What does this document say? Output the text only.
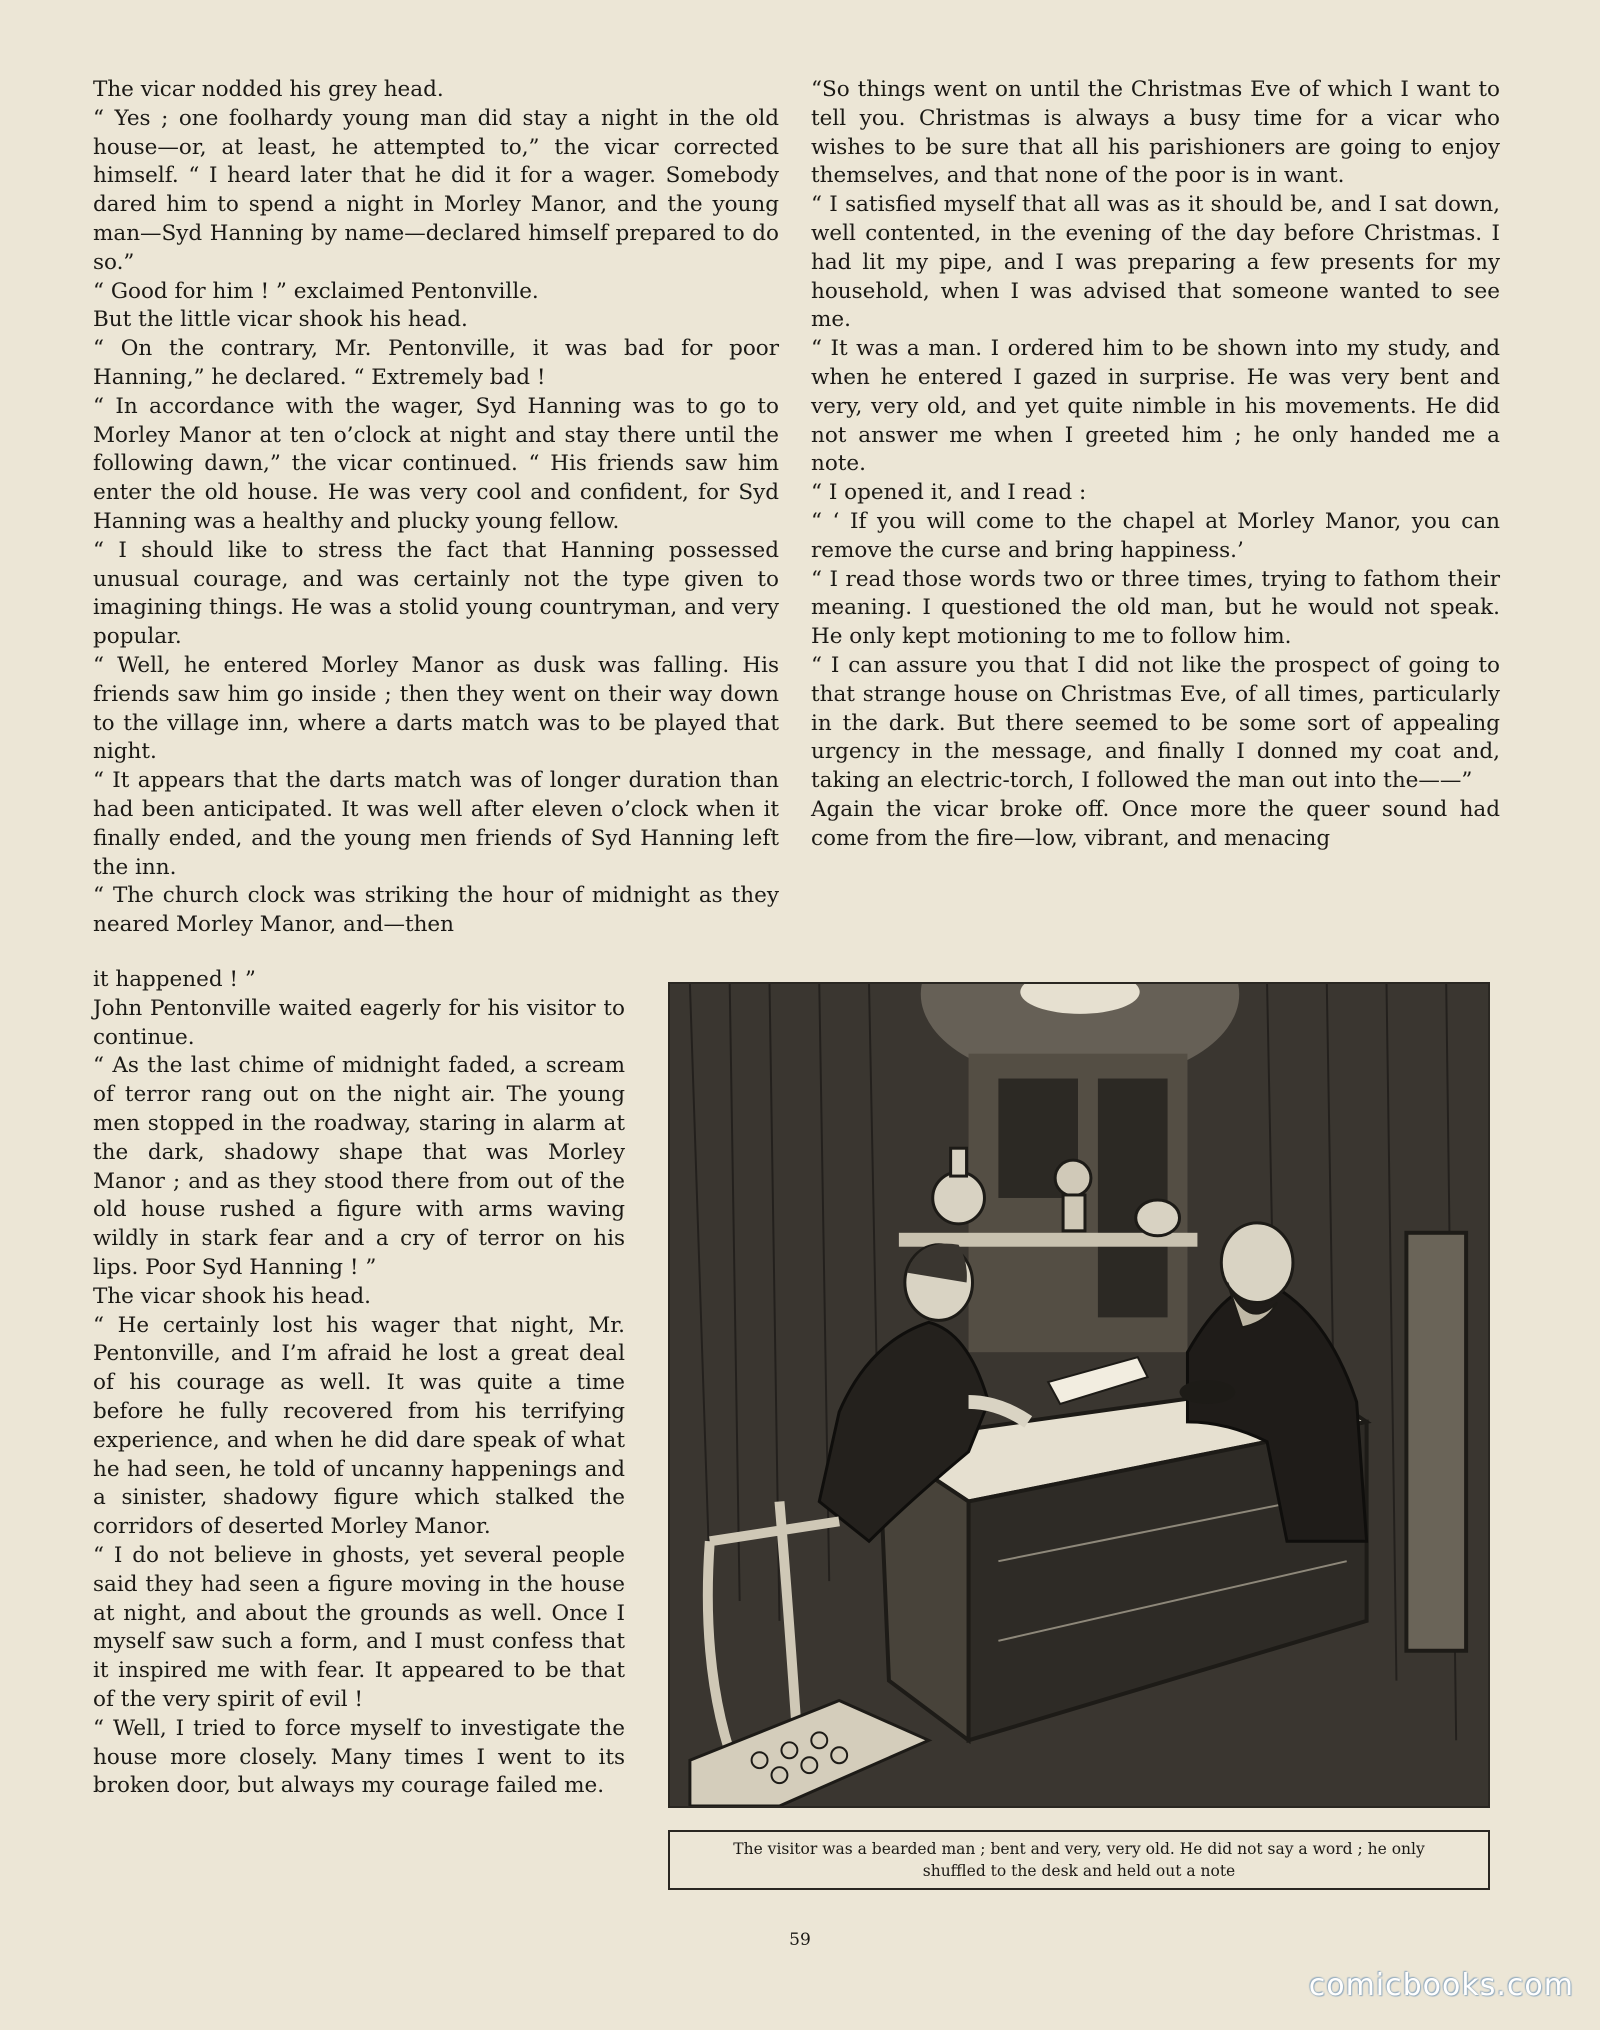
The vicar nodded his grey head.

“ Yes ; one foolhardy young man did stay a night in the old house—or, at least, he attempted to,” the vicar corrected himself. “ I heard later that he did it for a wager. Somebody dared him to spend a night in Morley Manor, and the young man—Syd Hanning by name—declared himself prepared to do so.”

“ Good for him ! ” exclaimed Pentonville.

But the little vicar shook his head.

“ On the contrary, Mr. Pentonville, it was bad for poor Hanning,” he declared. “ Extremely bad !

“ In accordance with the wager, Syd Hanning was to go to Morley Manor at ten o’clock at night and stay there until the following dawn,” the vicar continued. “ His friends saw him enter the old house. He was very cool and confident, for Syd Hanning was a healthy and plucky young fellow.

“ I should like to stress the fact that Hanning possessed unusual courage, and was certainly not the type given to imagining things. He was a stolid young countryman, and very popular.

“ Well, he entered Morley Manor as dusk was falling. His friends saw him go inside ; then they went on their way down to the village inn, where a darts match was to be played that night.

“ It appears that the darts match was of longer duration than had been anticipated. It was well after eleven o’clock when it finally ended, and the young men friends of Syd Hanning left the inn.

“ The church clock was striking the hour of midnight as they neared Morley Manor, and—then

it happened ! ”

John Pentonville waited eagerly for his visitor to continue.

“ As the last chime of midnight faded, a scream of terror rang out on the night air. The young men stopped in the roadway, staring in alarm at the dark, shadowy shape that was Morley Manor ; and as they stood there from out of the old house rushed a figure with arms waving wildly in stark fear and a cry of terror on his lips. Poor Syd Hanning ! ”

The vicar shook his head.

“ He certainly lost his wager that night, Mr. Pentonville, and I’m afraid he lost a great deal of his courage as well. It was quite a time before he fully recovered from his terrifying experience, and when he did dare speak of what he had seen, he told of uncanny happenings and a sinister, shadowy figure which stalked the corridors of deserted Morley Manor.

“ I do not believe in ghosts, yet several people said they had seen a figure moving in the house at night, and about the grounds as well. Once I myself saw such a form, and I must confess that it inspired me with fear. It appeared to be that of the very spirit of evil !

“ Well, I tried to force myself to investigate the house more closely. Many times I went to its broken door, but always my courage failed me.

“So things went on until the Christmas Eve of which I want to tell you. Christmas is always a busy time for a vicar who wishes to be sure that all his parishioners are going to enjoy themselves, and that none of the poor is in want.

“ I satisfied myself that all was as it should be, and I sat down, well contented, in the evening of the day before Christmas. I had lit my pipe, and I was preparing a few presents for my household, when I was advised that someone wanted to see me.

“ It was a man. I ordered him to be shown into my study, and when he entered I gazed in surprise. He was very bent and very, very old, and yet quite nimble in his movements. He did not answer me when I greeted him ; he only handed me a note.

“ I opened it, and I read :

“ ‘ If you will come to the chapel at Morley Manor, you can remove the curse and bring happiness.’

“ I read those words two or three times, trying to fathom their meaning. I questioned the old man, but he would not speak. He only kept motioning to me to follow him.

“ I can assure you that I did not like the prospect of going to that strange house on Christmas Eve, of all times, particularly in the dark. But there seemed to be some sort of appealing urgency in the message, and finally I donned my coat and, taking an electric-torch, I followed the man out into the——”

Again the vicar broke off. Once more the queer sound had come from the fire—low, vibrant, and menacing

The visitor was a bearded man ; bent and very, very old. He did not say a word ; he only shuffled to the desk and held out a note

59
comicbooks.com
